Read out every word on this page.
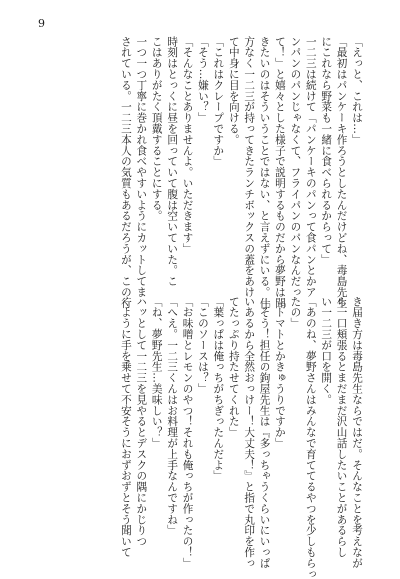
9
「えっと、これは…」
「最初はパンケーキ作ろうとしたんだけどね、毒島先生
にこれなら野菜も一緒に食べられるからって」
一二三は続けて「パンケーキのパンって食パンとかア
ンパンのパンじゃなくて、フライパンのパンなんだっ
て！」と嬉々とした様子で説明するものだから夢野は聞
きたいのはそういうことではない、と言えずにいる。仕
方なく一二三が持ってきたランチボックスの蓋をあけ
て中身に目を向ける。
「これはクレープですか」
「そう…嫌い？」
「そんなことありませんよ。いただきます」
時刻はとっくに昼を回っていて腹は空いていた。こ
こはありがたく頂戴することにする。
一つ一つ丁寧に巻かれ食べやすいようにカットしてま
されている。一二三本人の気質もあるだろうが、この行
き届き方は毒島先生ならではだ。そんなことを考えなが
ら一口頬張るとまだまだ沢山話したいことがあるらし
い一二三が口を開く。
「あのね、夢野さんはみんなで育ててるやつを少しもらっ
たの」
「トマトとかきゅうりですか」
「そう！担任の鉤屋先生は『多っちゃうくらいにいっぱ
いあるから全然おっけー！大丈夫！』と指で丸印を作っ
てたっぷり持たせてくれた」
「葉っぱは俺っちがちぎったんだよ」
「このソースは？」
「お味噌とレモンのやつ！それも俺っちが作ったの！」
「へえ。一二三くんはお料理が上手なんですね」
「ね、夢野先生…美味しい？」
ハッとして一二三を見やるとデスクの隅にかじりつ
くように手を乗せて不安そうにおずおずとそう聞いて
